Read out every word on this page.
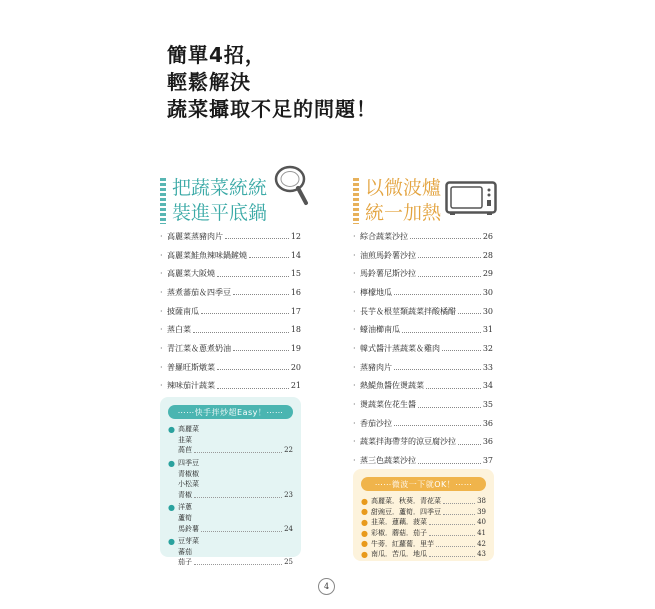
簡單4招，
輕鬆解決
蔬菜攝取不足的問題！
把蔬菜統統
裝進平底鍋
· 高麗菜蒸豬肉片	12
· 高麗菜鮭魚辣味鍋鏟燒	14
· 高麗菜大阪燒	15
· 蒸煮蕃茄＆四季豆	16
· 披薩南瓜	17
· 蒸白菜	18
· 青江菜＆蔥煮奶油	19
· 普羅旺斯燉菜	20
· 辣味茄汁蔬菜	21
⋯⋯ 快手拌炒超Easy！ ⋯⋯
● 高麗菜
韭菜
萵苣	22
● 四季豆
青椒椒
小松菜
青椒	23
● 洋蔥
蘆筍
馬鈴薯	24
● 豆芽菜
蕃茄
茄子	25
以微波爐
統一加熱
· 綜合蔬菜沙拉	26
· 油煎馬鈴薯沙拉	28
· 馬鈴薯尼斯沙拉	29
· 檸檬地瓜	30
· 長芋＆根莖類蔬菜拌酸橘醋	30
· 蠔油櫛南瓜	31
· 韓式醬汁蒸蔬菜＆雞肉	32
· 蒸豬肉片	33
· 熱鯷魚醬佐燙蔬菜	34
· 燙蔬菜佐花生醬	35
· 香茄沙拉	36
· 蔬菜拌海帶芽的涼豆腐沙拉	36
· 蒸三色蔬菜沙拉	37
⋯⋯ 微波一下就OK！ ⋯⋯
● 高麗菜．秋葵．青花菜	38
● 甜豌豆．蘆筍．四季豆	39
● 韭菜．蓮藕．菠菜	40
● 彩椒．蘑菇．茄子	41
● 牛蒡．紅蘿蔔．里芋	42
● 南瓜．苦瓜．地瓜	43
4
